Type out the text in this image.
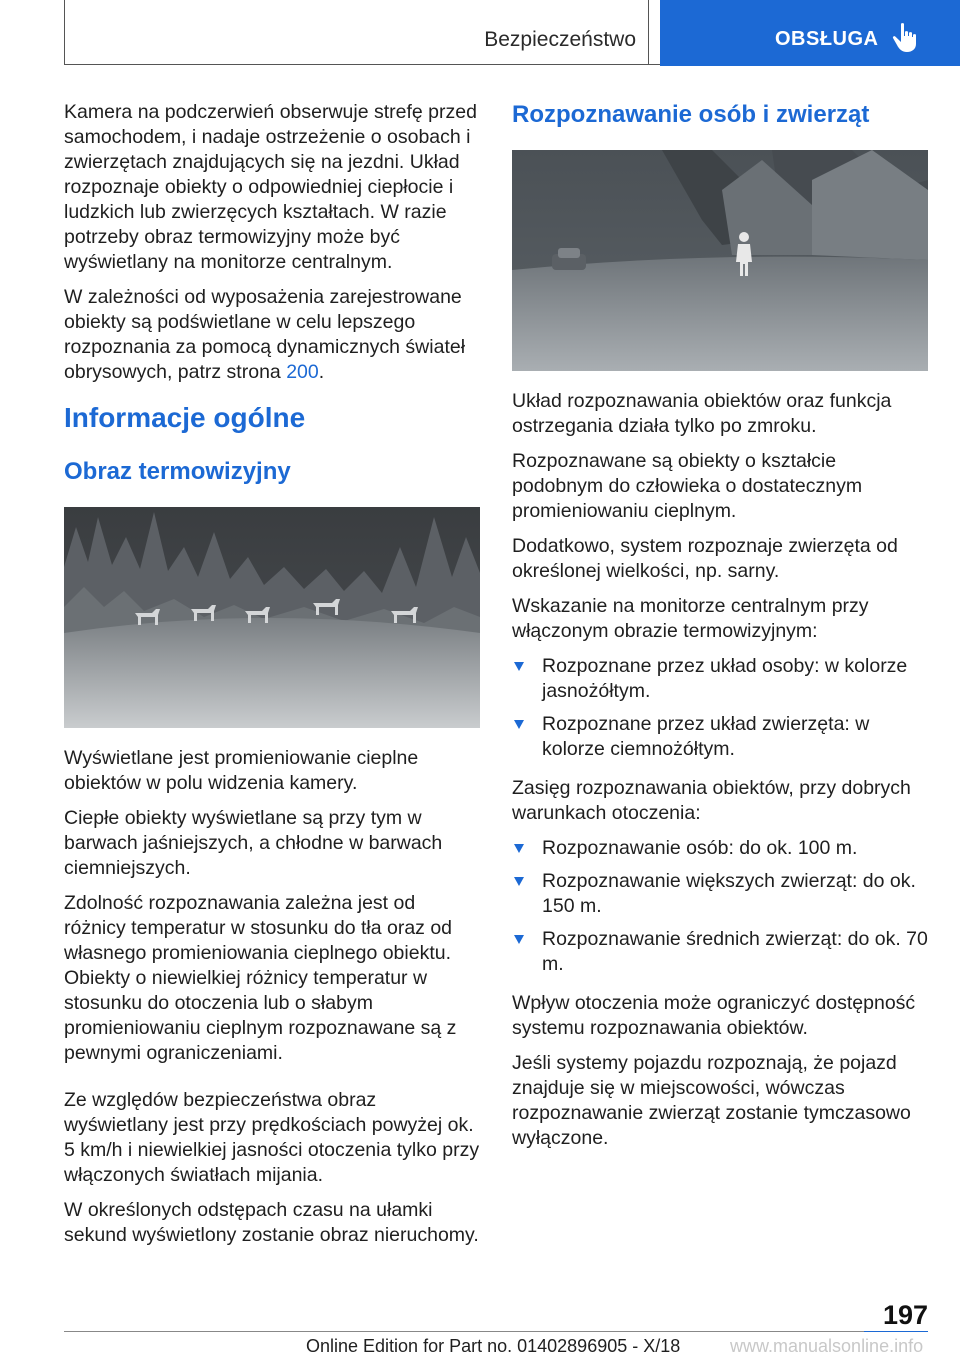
Bezpieczeństwo	OBSŁUGA

Kamera na podczerwień obserwuje strefę przed samochodem, i nadaje ostrzeżenie o osobach i zwierzętach znajdujących się na jezdni. Układ rozpoznaje obiekty o odpowiedniej ciepłocie i ludzkich lub zwierzęcych kształtach. W razie potrzeby obraz termowizyjny może być wyświetlany na monitorze centralnym.

W zależności od wyposażenia zarejestrowane obiekty są podświetlane w celu lepszego rozpoznania za pomocą dynamicznych świateł obrysowych, patrz strona 200.

Informacje ogólne
Obraz termowizyjny

Wyświetlane jest promieniowanie cieplne obiektów w polu widzenia kamery.

Ciepłe obiekty wyświetlane są przy tym w barwach jaśniejszych, a chłodne w barwach ciemniejszych.

Zdolność rozpoznawania zależna jest od różnicy temperatur w stosunku do tła oraz od własnego promieniowania cieplnego obiektu. Obiekty o niewielkiej różnicy temperatur w stosunku do otoczenia lub o słabym promieniowaniu cieplnym rozpoznawane są z pewnymi ograniczeniami.

Ze względów bezpieczeństwa obraz wyświetlany jest przy prędkościach powyżej ok. 5 km/h i niewielkiej jasności otoczenia tylko przy włączonych światłach mijania.

W określonych odstępach czasu na ułamki sekund wyświetlony zostanie obraz nieruchomy.

Rozpoznawanie osób i zwierząt

Układ rozpoznawania obiektów oraz funkcja ostrzegania działa tylko po zmroku.

Rozpoznawane są obiekty o kształcie podobnym do człowieka o dostatecznym promieniowaniu cieplnym.

Dodatkowo, system rozpoznaje zwierzęta od określonej wielkości, np. sarny.

Wskazanie na monitorze centralnym przy włączonym obrazie termowizyjnym:

Rozpoznane przez układ osoby: w kolorze jasnożółtym.
Rozpoznane przez układ zwierzęta: w kolorze ciemnożółtym.

Zasięg rozpoznawania obiektów, przy dobrych warunkach otoczenia:

Rozpoznawanie osób: do ok. 100 m.
Rozpoznawanie większych zwierząt: do ok. 150 m.
Rozpoznawanie średnich zwierząt: do ok. 70 m.

Wpływ otoczenia może ograniczyć dostępność systemu rozpoznawania obiektów.

Jeśli systemy pojazdu rozpoznają, że pojazd znajduje się w miejscowości, wówczas rozpoznawanie zwierząt zostanie tymczasowo wyłączone.

197
Online Edition for Part no. 01402896905 - X/18	www.manualsonline.info
